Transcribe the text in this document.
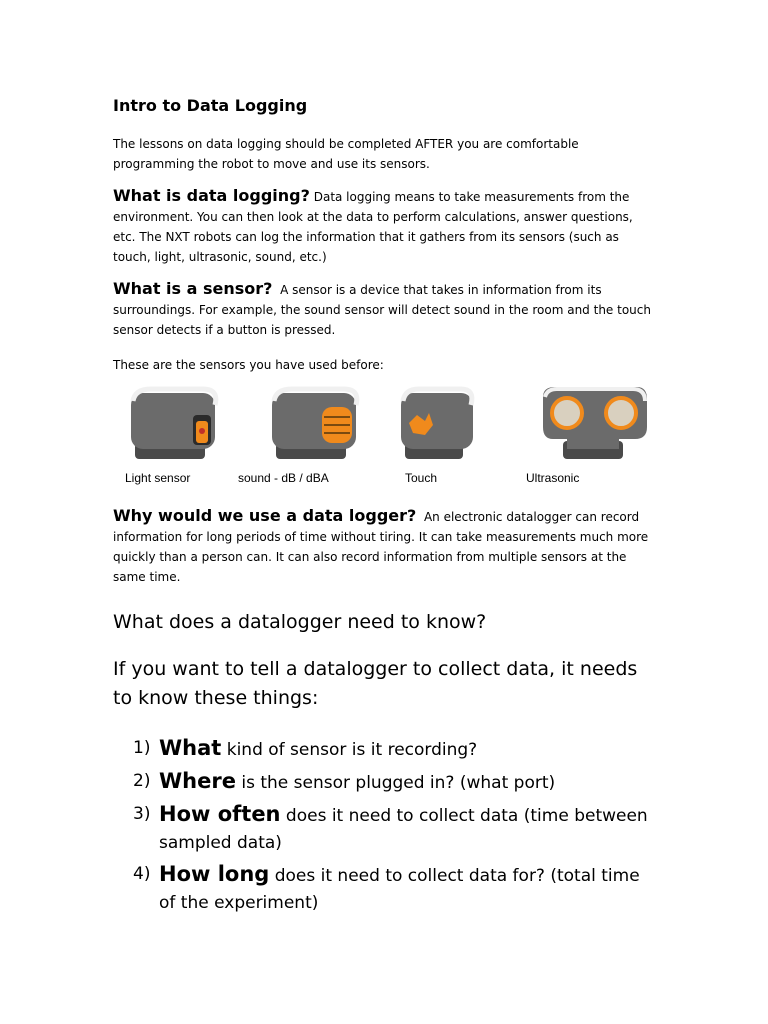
Intro to Data Logging

The lessons on data logging should be completed AFTER you are comfortable programming the robot to move and use its sensors.

What is data logging? Data logging means to take measurements from the environment. You can then look at the data to perform calculations, answer questions, etc. The NXT robots can log the information that it gathers from its sensors (such as touch, light, ultrasonic, sound, etc.)

What is a sensor? A sensor is a device that takes in information from its surroundings. For example, the sound sensor will detect sound in the room and the touch sensor detects if a button is pressed.

These are the sensors you have used before:

Light sensor	sound - dB / dBA	Touch	Ultrasonic

Why would we use a data logger? An electronic datalogger can record information for long periods of time without tiring. It can take measurements much more quickly than a person can. It can also record information from multiple sensors at the same time.

What does a datalogger need to know?

If you want to tell a datalogger to collect data, it needs to know these things:

1) What kind of sensor is it recording?
2) Where is the sensor plugged in? (what port)
3) How often does it need to collect data (time between sampled data)
4) How long does it need to collect data for? (total time of the experiment)
